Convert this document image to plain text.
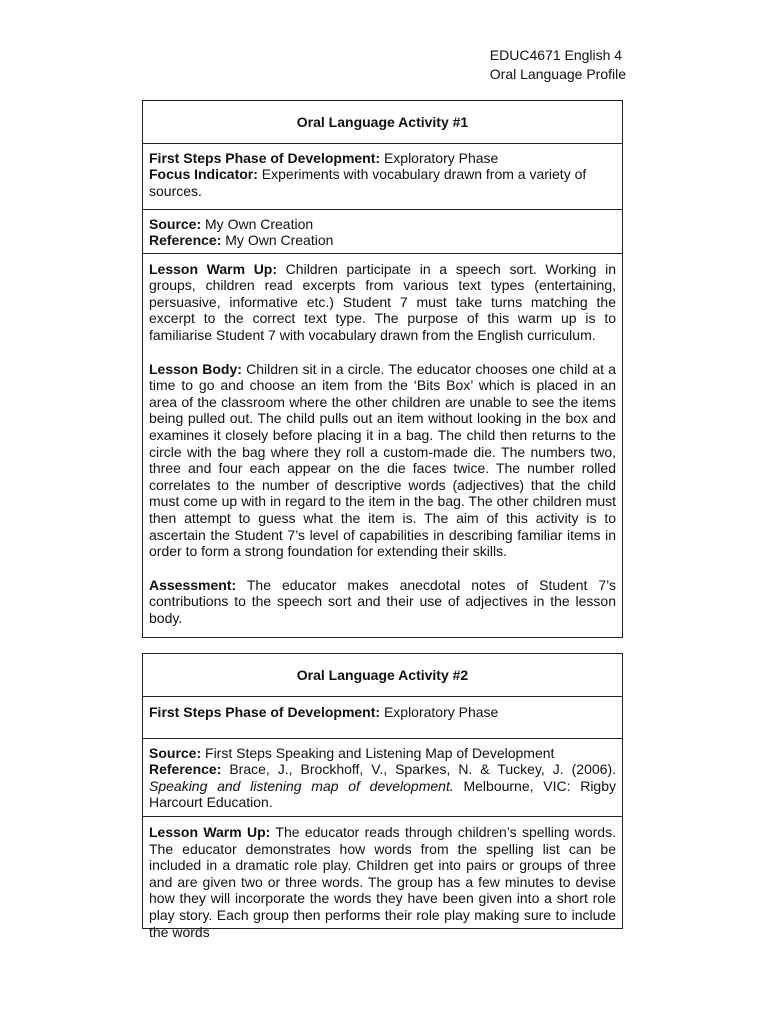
EDUC4671 English 4
Oral Language Profile
Oral Language Activity #1
First Steps Phase of Development: Exploratory Phase
Focus Indicator: Experiments with vocabulary drawn from a variety of sources.
Source: My Own Creation
Reference: My Own Creation

Lesson Warm Up: Children participate in a speech sort. Working in groups, children read excerpts from various text types (entertaining, persuasive, informative etc.) Student 7 must take turns matching the excerpt to the correct text type. The purpose of this warm up is to familiarise Student 7 with vocabulary drawn from the English curriculum.

Lesson Body: Children sit in a circle. The educator chooses one child at a time to go and choose an item from the ‘Bits Box’ which is placed in an area of the classroom where the other children are unable to see the items being pulled out. The child pulls out an item without looking in the box and examines it closely before placing it in a bag. The child then returns to the circle with the bag where they roll a custom-made die. The numbers two, three and four each appear on the die faces twice. The number rolled correlates to the number of descriptive words (adjectives) that the child must come up with in regard to the item in the bag. The other children must then attempt to guess what the item is. The aim of this activity is to ascertain the Student 7’s level of capabilities in describing familiar items in order to form a strong foundation for extending their skills.

Assessment: The educator makes anecdotal notes of Student 7’s contributions to the speech sort and their use of adjectives in the lesson body.

Oral Language Activity #2
First Steps Phase of Development: Exploratory Phase
Source: First Steps Speaking and Listening Map of Development
Reference: Brace, J., Brockhoff, V., Sparkes, N. & Tuckey, J. (2006). Speaking and listening map of development. Melbourne, VIC: Rigby Harcourt Education.

Lesson Warm Up: The educator reads through children’s spelling words. The educator demonstrates how words from the spelling list can be included in a dramatic role play. Children get into pairs or groups of three and are given two or three words. The group has a few minutes to devise how they will incorporate the words they have been given into a short role play story. Each group then performs their role play making sure to include the words
